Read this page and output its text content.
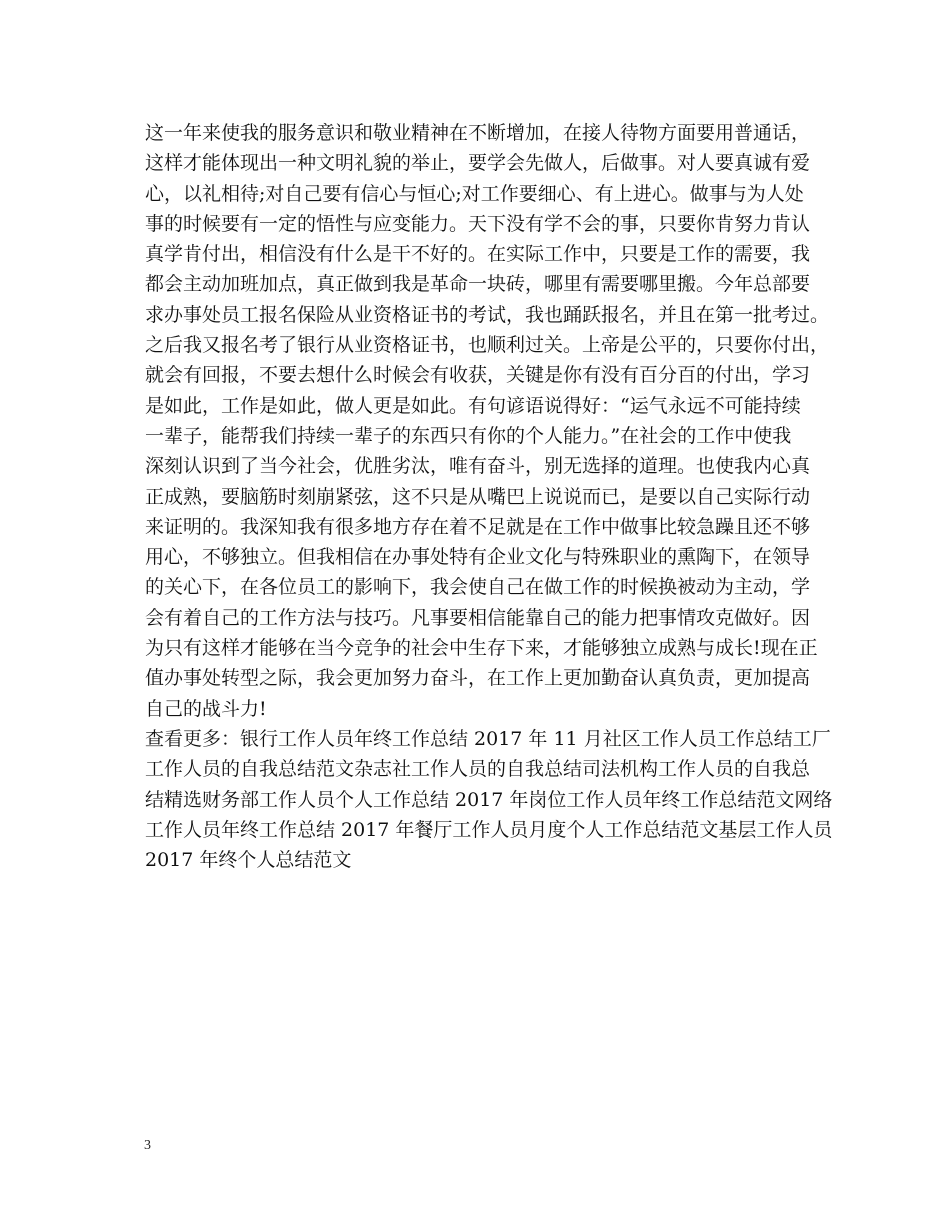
这一年来使我的服务意识和敬业精神在不断增加，在接人待物方面要用普通话，
这样才能体现出一种文明礼貌的举止，要学会先做人，后做事。对人要真诚有爱
心，以礼相待;对自己要有信心与恒心;对工作要细心、有上进心。做事与为人处
事的时候要有一定的悟性与应变能力。天下没有学不会的事，只要你肯努力肯认
真学肯付出，相信没有什么是干不好的。在实际工作中，只要是工作的需要，我
都会主动加班加点，真正做到我是革命一块砖，哪里有需要哪里搬。今年总部要
求办事处员工报名保险从业资格证书的考试，我也踊跃报名，并且在第一批考过。
之后我又报名考了银行从业资格证书，也顺利过关。上帝是公平的，只要你付出，
就会有回报，不要去想什么时候会有收获，关键是你有没有百分百的付出，学习
是如此，工作是如此，做人更是如此。有句谚语说得好：“运气永远不可能持续
一辈子，能帮我们持续一辈子的东西只有你的个人能力。”在社会的工作中使我
深刻认识到了当今社会，优胜劣汰，唯有奋斗，别无选择的道理。也使我内心真
正成熟，要脑筋时刻崩紧弦，这不只是从嘴巴上说说而已，是要以自己实际行动
来证明的。我深知我有很多地方存在着不足就是在工作中做事比较急躁且还不够
用心，不够独立。但我相信在办事处特有企业文化与特殊职业的熏陶下，在领导
的关心下，在各位员工的影响下，我会使自己在做工作的时候换被动为主动，学
会有着自己的工作方法与技巧。凡事要相信能靠自己的能力把事情攻克做好。因
为只有这样才能够在当今竞争的社会中生存下来，才能够独立成熟与成长!现在正
值办事处转型之际，我会更加努力奋斗，在工作上更加勤奋认真负责，更加提高
自己的战斗力!
查看更多：银行工作人员年终工作总结 2017 年 11 月社区工作人员工作总结工厂
工作人员的自我总结范文杂志社工作人员的自我总结司法机构工作人员的自我总
结精选财务部工作人员个人工作总结 2017 年岗位工作人员年终工作总结范文网络
工作人员年终工作总结 2017 年餐厅工作人员月度个人工作总结范文基层工作人员
2017 年终个人总结范文
3
